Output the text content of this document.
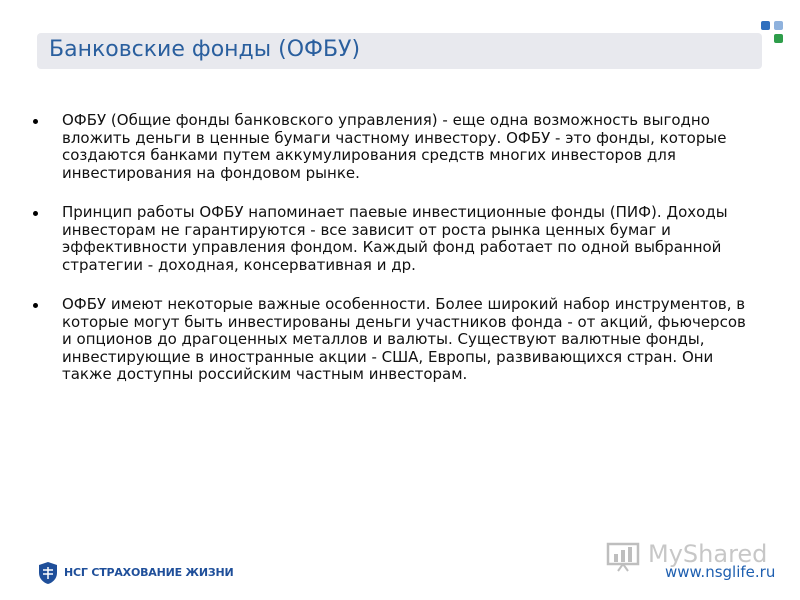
Банковские фонды (ОФБУ)
ОФБУ (Общие фонды банковского управления) - еще одна возможность выгодно вложить деньги в ценные бумаги частному инвестору. ОФБУ - это фонды, которые создаются банками путем аккумулирования средств многих инвесторов для инвестирования на фондовом рынке.
Принцип работы ОФБУ напоминает паевые инвестиционные фонды (ПИФ). Доходы инвесторам не гарантируются - все зависит от роста рынка ценных бумаг и эффективности управления фондом. Каждый фонд работает по одной выбранной стратегии - доходная, консервативная и др.
ОФБУ имеют некоторые важные особенности. Более широкий набор инструментов, в которые могут быть инвестированы деньги участников фонда - от акций, фьючерсов и опционов до драгоценных металлов и валюты. Существуют валютные фонды, инвестирующие в иностранные акции - США, Европы, развивающихся стран. Они также доступны российским частным инвесторам.
НСГ СТРАХОВАНИЕ ЖИЗНИ
MyShared
www.nsglife.ru
